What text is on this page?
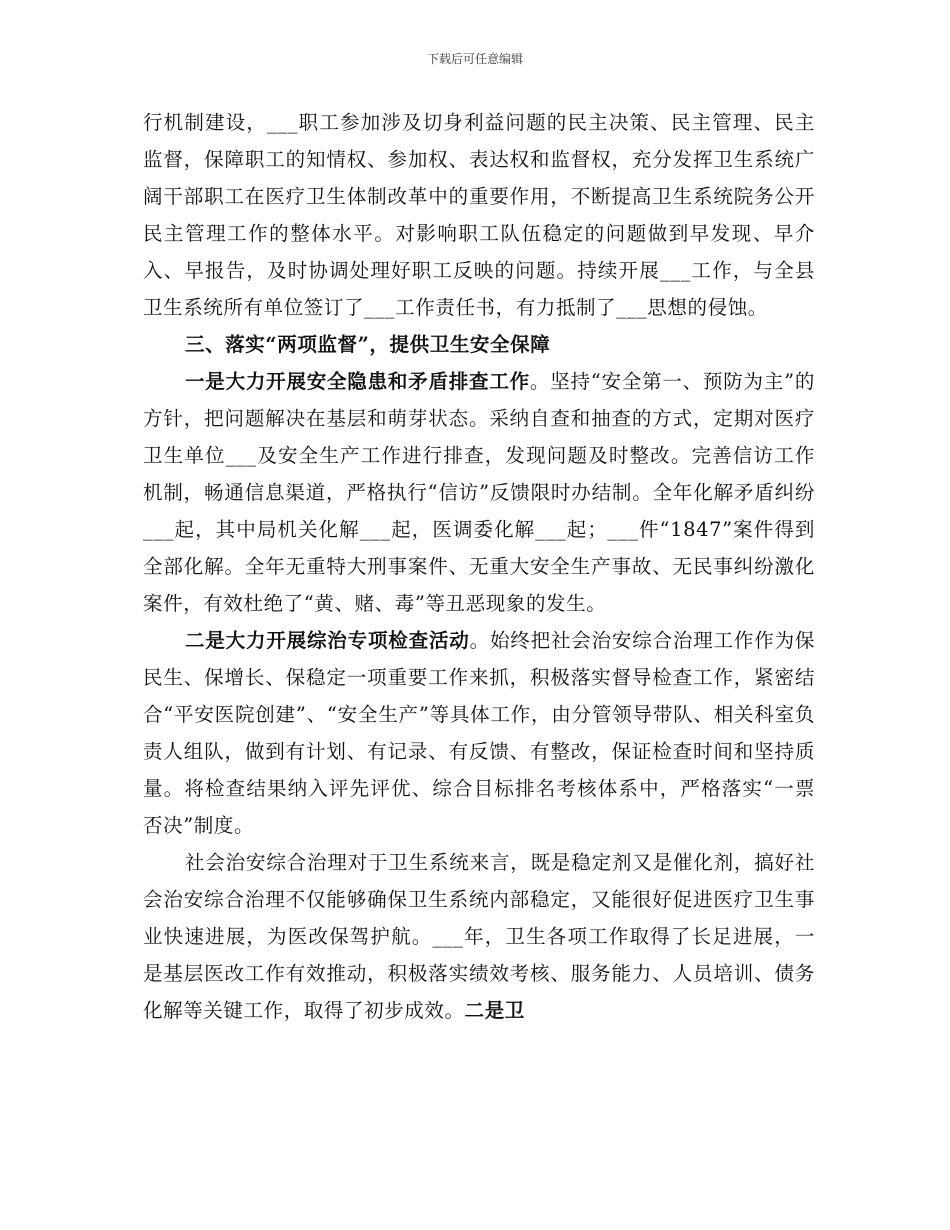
下载后可任意编辑

行机制建设，___职工参加涉及切身利益问题的民主决策、民主管理、民主监督，保障职工的知情权、参加权、表达权和监督权，充分发挥卫生系统广阔干部职工在医疗卫生体制改革中的重要作用，不断提高卫生系统院务公开民主管理工作的整体水平。对影响职工队伍稳定的问题做到早发现、早介入、早报告，及时协调处理好职工反映的问题。持续开展___工作，与全县卫生系统所有单位签订了___工作责任书，有力抵制了___思想的侵蚀。

三、落实“两项监督”，提供卫生安全保障

一是大力开展安全隐患和矛盾排查工作。坚持“安全第一、预防为主”的方针，把问题解决在基层和萌芽状态。采纳自查和抽查的方式，定期对医疗卫生单位___及安全生产工作进行排查，发现问题及时整改。完善信访工作机制，畅通信息渠道，严格执行“信访”反馈限时办结制。全年化解矛盾纠纷___起，其中局机关化解___起，医调委化解___起；___件“1847”案件得到全部化解。全年无重特大刑事案件、无重大安全生产事故、无民事纠纷激化案件，有效杜绝了“黄、赌、毒”等丑恶现象的发生。

二是大力开展综治专项检查活动。始终把社会治安综合治理工作作为保民生、保增长、保稳定一项重要工作来抓，积极落实督导检查工作，紧密结合“平安医院创建”、“安全生产”等具体工作，由分管领导带队、相关科室负责人组队，做到有计划、有记录、有反馈、有整改，保证检查时间和坚持质量。将检查结果纳入评先评优、综合目标排名考核体系中，严格落实“一票否决”制度。

社会治安综合治理对于卫生系统来言，既是稳定剂又是催化剂，搞好社会治安综合治理不仅能够确保卫生系统内部稳定，又能很好促进医疗卫生事业快速进展，为医改保驾护航。___年，卫生各项工作取得了长足进展，一是基层医改工作有效推动，积极落实绩效考核、服务能力、人员培训、债务化解等关键工作，取得了初步成效。二是卫
